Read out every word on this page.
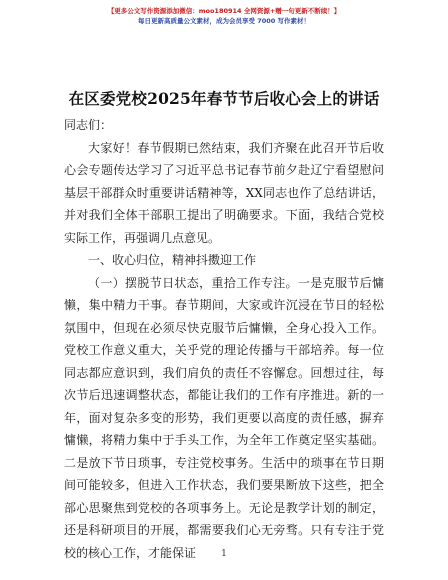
【更多公文写作资源添加微信：moo180914 全网资源+赠一句更新不断续！】
每日更新高质量公文素材，成为会员享受 7000 写作素材！
在区委党校2025年春节节后收心会上的讲话

同志们：

大家好！春节假期已然结束，我们齐聚在此召开节后收心会专题传达学习了习近平总书记春节前夕赴辽宁看望慰问基层干部群众时重要讲话精神等，XX同志也作了总结讲话，并对我们全体干部职工提出了明确要求。下面，我结合党校实际工作，再强调几点意见。

一、收心归位，精神抖擞迎工作

（一）摆脱节日状态，重拾工作专注。一是克服节后慵懒，集中精力干事。春节期间，大家或许沉浸在节日的轻松氛围中，但现在必须尽快克服节后慵懒，全身心投入工作。党校工作意义重大，关乎党的理论传播与干部培养。每一位同志都应意识到，我们肩负的责任不容懈怠。回想过往，每次节后迅速调整状态，都能让我们的工作有序推进。新的一年，面对复杂多变的形势，我们更要以高度的责任感，摒弃慵懒，将精力集中于手头工作，为全年工作奠定坚实基础。二是放下节日琐事，专注党校事务。生活中的琐事在节日期间可能较多，但进入工作状态，我们要果断放下这些，把全部心思聚焦到党校的各项事务上。无论是教学计划的制定，还是科研项目的开展，都需要我们心无旁骛。只有专注于党校的核心工作，才能保证	1
